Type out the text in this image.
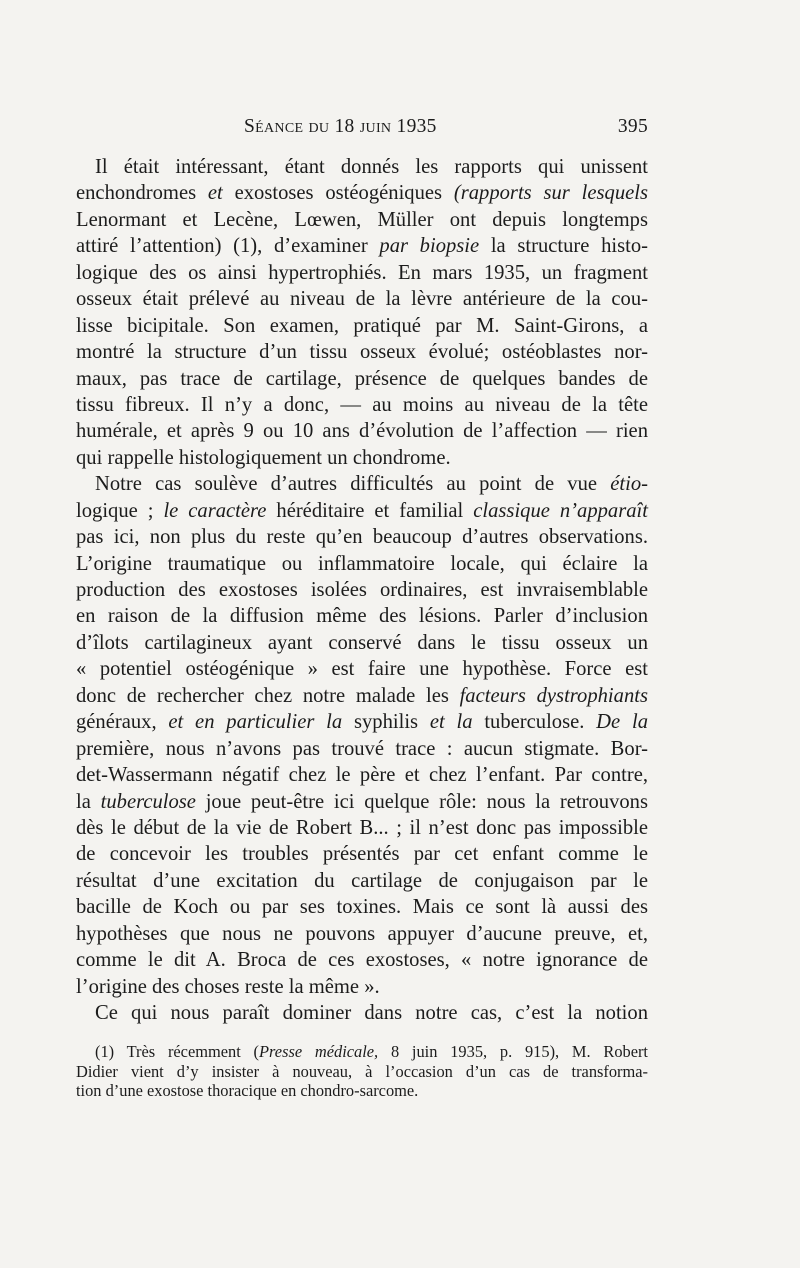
Séance du 18 juin 1935	395
Il était intéressant, étant donnés les rapports qui unissent
enchondromes et exostoses ostéogéniques (rapports sur lesquels
Lenormant et Lecène, Lœwen, Müller ont depuis longtemps
attiré l’attention) (1), d’examiner par biopsie la structure histo-
logique des os ainsi hypertrophiés. En mars 1935, un fragment
osseux était prélevé au niveau de la lèvre antérieure de la cou-
lisse bicipitale. Son examen, pratiqué par M. Saint-Girons, a
montré la structure d’un tissu osseux évolué; ostéoblastes nor-
maux, pas trace de cartilage, présence de quelques bandes de
tissu fibreux. Il n’y a donc, — au moins au niveau de la tête
humérale, et après 9 ou 10 ans d’évolution de l’affection — rien
qui rappelle histologiquement un chondrome.
Notre cas soulève d’autres difficultés au point de vue étio-
logique ; le caractère héréditaire et familial classique n’apparaît
pas ici, non plus du reste qu’en beaucoup d’autres observations.
L’origine traumatique ou inflammatoire locale, qui éclaire la
production des exostoses isolées ordinaires, est invraisemblable
en raison de la diffusion même des lésions. Parler d’inclusion
d’îlots cartilagineux ayant conservé dans le tissu osseux un
« potentiel ostéogénique » est faire une hypothèse. Force est
donc de rechercher chez notre malade les facteurs dystrophiants
généraux, et en particulier la syphilis et la tuberculose. De la
première, nous n’avons pas trouvé trace : aucun stigmate. Bor-
det-Wassermann négatif chez le père et chez l’enfant. Par contre,
la tuberculose joue peut-être ici quelque rôle: nous la retrouvons
dès le début de la vie de Robert B... ; il n’est donc pas impossible
de concevoir les troubles présentés par cet enfant comme le
résultat d’une excitation du cartilage de conjugaison par le
bacille de Koch ou par ses toxines. Mais ce sont là aussi des
hypothèses que nous ne pouvons appuyer d’aucune preuve, et,
comme le dit A. Broca de ces exostoses, « notre ignorance de
l’origine des choses reste la même ».
Ce qui nous paraît dominer dans notre cas, c’est la notion
(1) Très récemment (Presse médicale, 8 juin 1935, p. 915), M. Robert
Didier vient d’y insister à nouveau, à l’occasion d’un cas de transforma-
tion d’une exostose thoracique en chondro-sarcome.
